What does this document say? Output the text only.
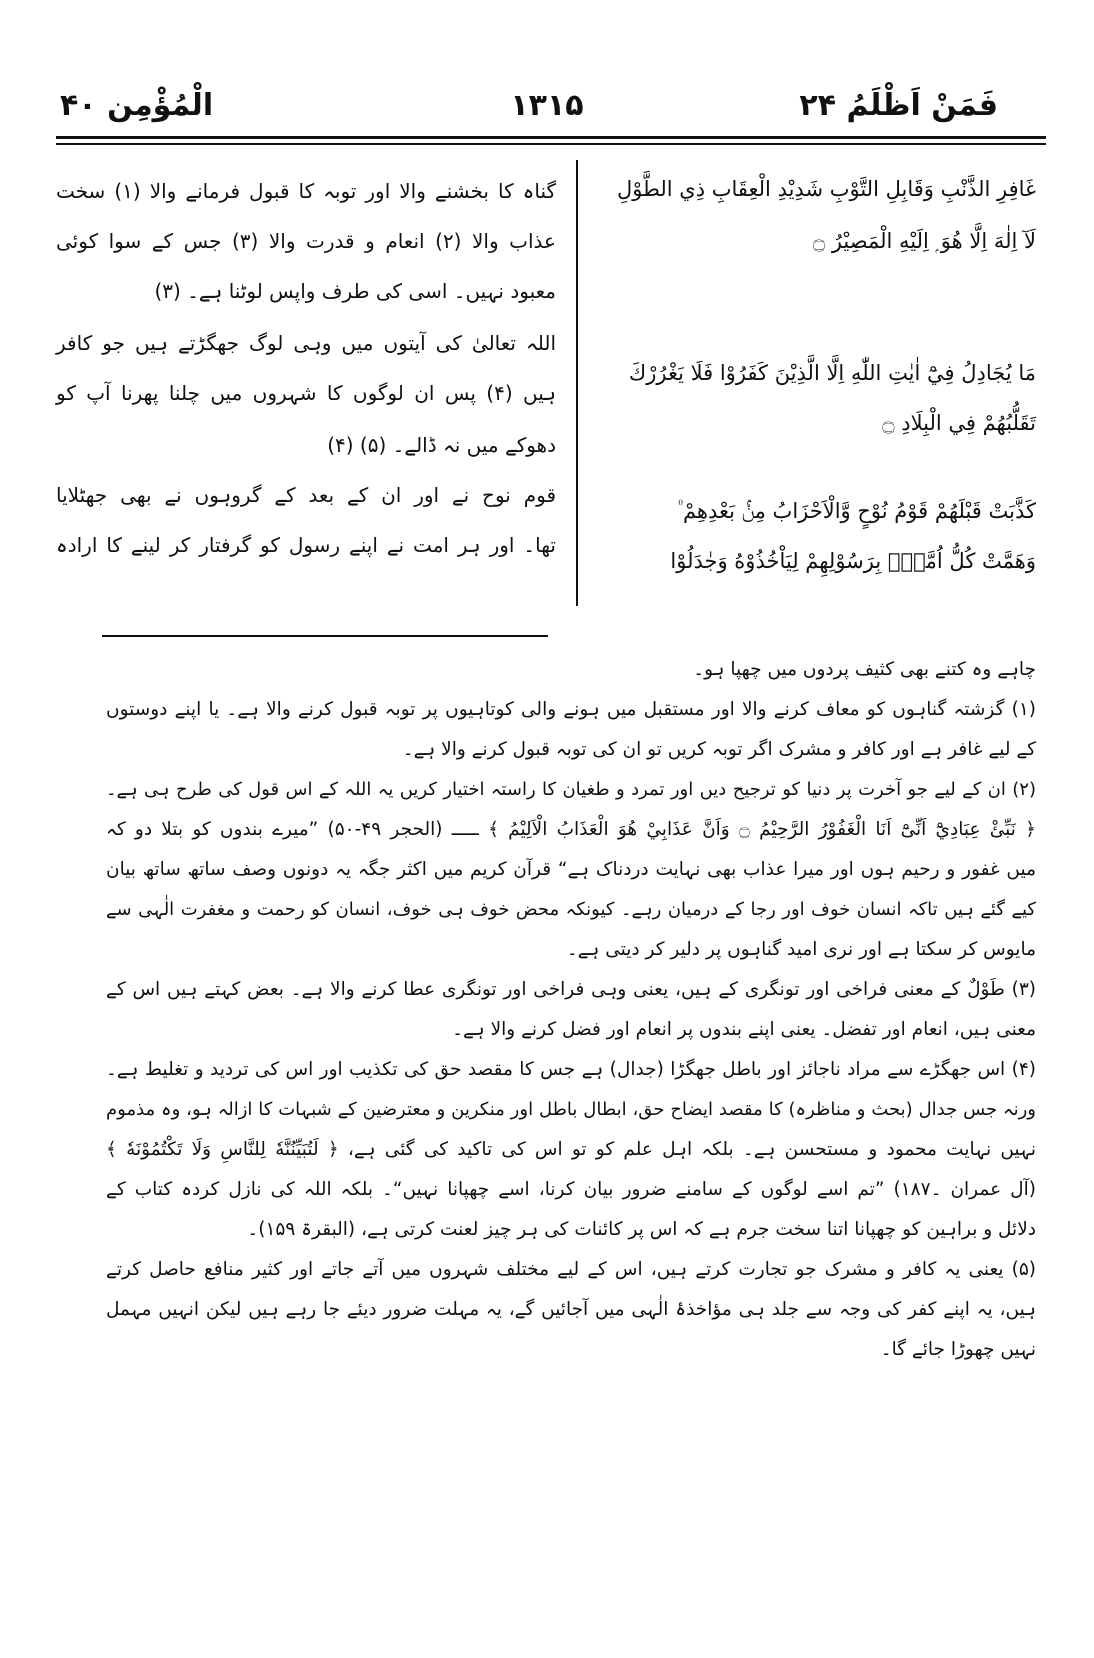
فَمَنْ اَظْلَمُ ۲۴
۱۳۱۵
الْمُؤْمِن ۴۰
غَافِرِ الذَّنْبِ وَقَابِلِ التَّوْبِ شَدِيْدِ الْعِقَابِ ذِي الطَّوْلِ
لَآ اِلٰهَ اِلَّا هُوَ ۭ اِلَيْهِ الْمَصِيْرُ ۝
مَا يُجَادِلُ فِيْٓ اٰيٰتِ اللّٰهِ اِلَّا الَّذِيْنَ كَفَرُوْا فَلَا يَغْرُرْكَ
تَقَلُّبُهُمْ فِي الْبِلَادِ ۝
كَذَّبَتْ قَبْلَهُمْ قَوْمُ نُوْحٍ وَّالْاَحْزَابُ مِنْۢ بَعْدِهِمْ ۠
وَهَمَّتْ كُلُّ اُمَّةٍۢ بِرَسُوْلِهِمْ لِيَاْخُذُوْهُ وَجٰدَلُوْا
گناہ کا بخشنے والا اور توبہ کا قبول فرمانے والا (۱) سخت
عذاب والا (۲) انعام و قدرت والا (۳) جس کے سوا کوئی
معبود نہیں۔ اسی کی طرف واپس لوٹنا ہے۔ (۳)
اللہ تعالیٰ کی آیتوں میں وہی لوگ جھگڑتے ہیں جو کافر
ہیں (۴) پس ان لوگوں کا شہروں میں چلنا پھرنا آپ کو
دھوکے میں نہ ڈالے۔ (۵) (۴)
قوم نوح نے اور ان کے بعد کے گروہوں نے بھی جھٹلایا
تھا۔ اور ہر امت نے اپنے رسول کو گرفتار کر لینے کا ارادہ
چاہے وہ کتنے بھی کثیف پردوں میں چھپا ہو۔
(۱) گزشتہ گناہوں کو معاف کرنے والا اور مستقبل میں ہونے والی کوتاہیوں پر توبہ قبول کرنے والا ہے۔ یا اپنے دوستوں
کے لیے غافر ہے اور کافر و مشرک اگر توبہ کریں تو ان کی توبہ قبول کرنے والا ہے۔
(۲) ان کے لیے جو آخرت پر دنیا کو ترجیح دیں اور تمرد و طغیان کا راستہ اختیار کریں یہ اللہ کے اس قول کی طرح ہی ہے۔
﴿ نَبِّئْ عِبَادِيْٓ اَنِّىْٓ اَنَا الْغَفُوْرُ الرَّحِيْمُ ۝ وَاَنَّ عَذَابِيْ هُوَ الْعَذَابُ الْاَلِيْمُ ﴾ ـــــ (الحجر ۴۹-۵۰) ”میرے بندوں کو بتلا دو کہ
میں غفور و رحیم ہوں اور میرا عذاب بھی نہایت دردناک ہے“ قرآن کریم میں اکثر جگہ یہ دونوں وصف ساتھ ساتھ بیان
کیے گئے ہیں تاکہ انسان خوف اور رجا کے درمیان رہے۔ کیونکہ محض خوف ہی خوف، انسان کو رحمت و مغفرت الٰہی سے
مایوس کر سکتا ہے اور نری امید گناہوں پر دلیر کر دیتی ہے۔
(۳) طَوْلٌ کے معنی فراخی اور تونگری کے ہیں، یعنی وہی فراخی اور تونگری عطا کرنے والا ہے۔ بعض کہتے ہیں اس کے
معنی ہیں، انعام اور تفضل۔ یعنی اپنے بندوں پر انعام اور فضل کرنے والا ہے۔
(۴) اس جھگڑے سے مراد ناجائز اور باطل جھگڑا (جدال) ہے جس کا مقصد حق کی تکذیب اور اس کی تردید و تغلیط ہے۔
ورنہ جس جدال (بحث و مناظرہ) کا مقصد ایضاح حق، ابطال باطل اور منکرین و معترضین کے شبہات کا ازالہ ہو، وہ مذموم
نہیں نہایت محمود و مستحسن ہے۔ بلکہ اہل علم کو تو اس کی تاکید کی گئی ہے، ﴿ لَتُبَيِّنُنَّهٗ لِلنَّاسِ وَلَا تَكْتُمُوْنَهٗ ﴾
(آل عمران ۔۱۸۷) ”تم اسے لوگوں کے سامنے ضرور بیان کرنا، اسے چھپانا نہیں“۔ بلکہ اللہ کی نازل کردہ کتاب کے
دلائل و براہین کو چھپانا اتنا سخت جرم ہے کہ اس پر کائنات کی ہر چیز لعنت کرتی ہے، (البقرۃ ۱۵۹)۔
(۵) یعنی یہ کافر و مشرک جو تجارت کرتے ہیں، اس کے لیے مختلف شہروں میں آتے جاتے اور کثیر منافع حاصل کرتے
ہیں، یہ اپنے کفر کی وجہ سے جلد ہی مؤاخذۂ الٰہی میں آجائیں گے، یہ مہلت ضرور دیئے جا رہے ہیں لیکن انہیں مہمل
نہیں چھوڑا جائے گا۔
